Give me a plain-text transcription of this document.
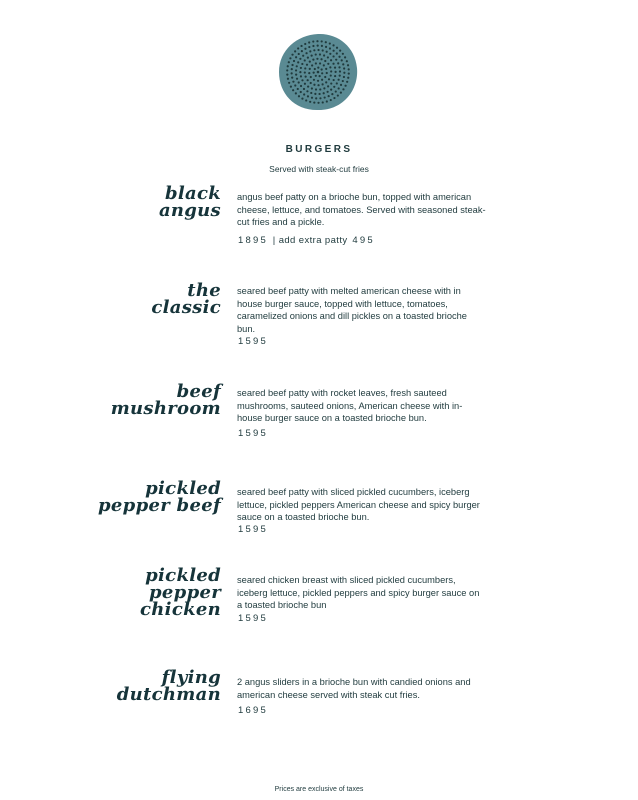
BURGERS
Served with steak-cut fries
black
angus
angus beef patty on a brioche bun, topped with american cheese, lettuce, and tomatoes. Served with seasoned steak-cut fries and a pickle.
1895 | add extra patty 495
the
classic
seared beef patty with melted american cheese with in house burger sauce, topped with lettuce, tomatoes, caramelized onions and dill pickles on a toasted brioche bun.
1595
beef
mushroom
seared beef patty with rocket leaves, fresh sauteed mushrooms, sauteed onions, American cheese with in-house burger sauce on a toasted brioche bun.
1595
pickled
pepper beef
seared beef patty with sliced pickled cucumbers, iceberg lettuce, pickled peppers American cheese and spicy burger sauce on a toasted brioche bun.
1595
pickled
pepper
chicken
seared chicken breast with sliced pickled cucumbers, iceberg lettuce, pickled peppers and spicy burger sauce on a toasted brioche bun
1595
flying
dutchman
2 angus sliders in a brioche bun with candied onions and american cheese served with steak cut fries.
1695
Prices are exclusive of taxes
